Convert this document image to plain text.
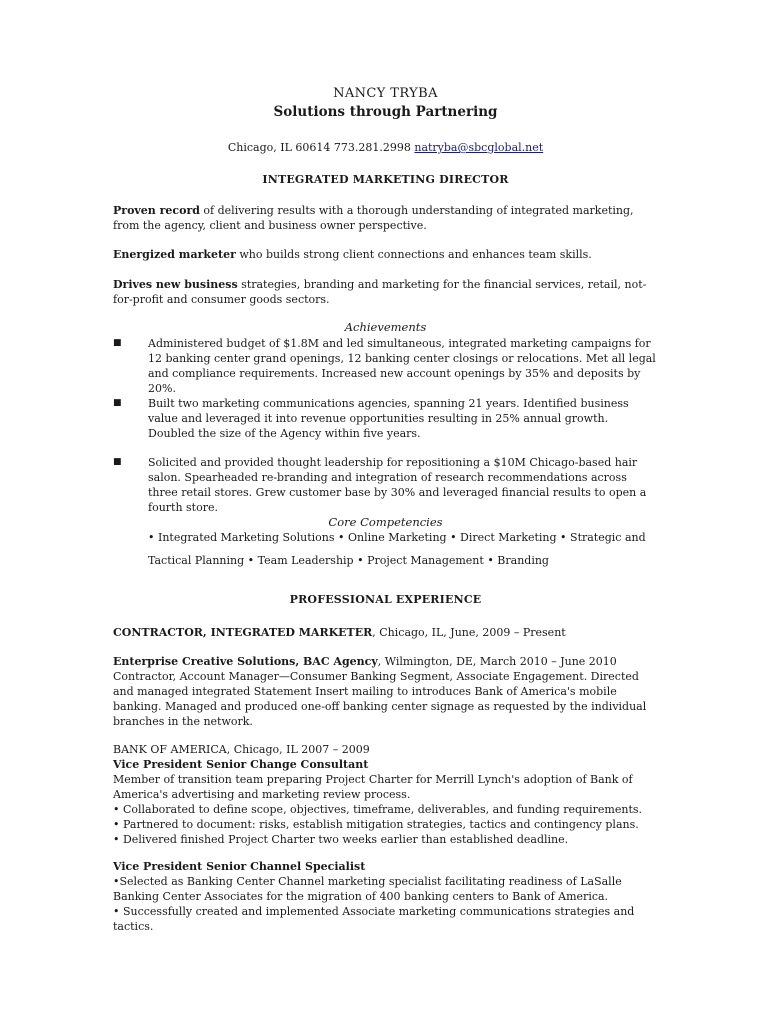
NANCY TRYBA
Solutions through Partnering
Chicago, IL 60614 773.281.2998 natryba@sbcglobal.net
INTEGRATED MARKETING DIRECTOR
Proven record of delivering results with a thorough understanding of integrated marketing, from the agency, client and business owner perspective.
Energized marketer who builds strong client connections and enhances team skills.
Drives new business strategies, branding and marketing for the financial services, retail, not-for-profit and consumer goods sectors.
Achievements
■ Administered budget of $1.8M and led simultaneous, integrated marketing campaigns for 12 banking center grand openings, 12 banking center closings or relocations. Met all legal and compliance requirements. Increased new account openings by 35% and deposits by 20%.
■ Built two marketing communications agencies, spanning 21 years. Identified business value and leveraged it into revenue opportunities resulting in 25% annual growth. Doubled the size of the Agency within five years.
■ Solicited and provided thought leadership for repositioning a $10M Chicago-based hair salon. Spearheaded re-branding and integration of research recommendations across three retail stores. Grew customer base by 30% and leveraged financial results to open a fourth store.
Core Competencies
• Integrated Marketing Solutions • Online Marketing • Direct Marketing • Strategic and Tactical Planning • Team Leadership • Project Management • Branding
PROFESSIONAL EXPERIENCE
CONTRACTOR, INTEGRATED MARKETER, Chicago, IL, June, 2009 – Present
Enterprise Creative Solutions, BAC Agency, Wilmington, DE, March 2010 – June 2010
Contractor, Account Manager—Consumer Banking Segment, Associate Engagement. Directed and managed integrated Statement Insert mailing to introduces Bank of America's mobile banking. Managed and produced one-off banking center signage as requested by the individual branches in the network.
BANK OF AMERICA, Chicago, IL 2007 – 2009
Vice President Senior Change Consultant
Member of transition team preparing Project Charter for Merrill Lynch's adoption of Bank of America's advertising and marketing review process.
• Collaborated to define scope, objectives, timeframe, deliverables, and funding requirements.
• Partnered to document: risks, establish mitigation strategies, tactics and contingency plans.
• Delivered finished Project Charter two weeks earlier than established deadline.
Vice President Senior Channel Specialist
•Selected as Banking Center Channel marketing specialist facilitating readiness of LaSalle Banking Center Associates for the migration of 400 banking centers to Bank of America.
• Successfully created and implemented Associate marketing communications strategies and tactics.
